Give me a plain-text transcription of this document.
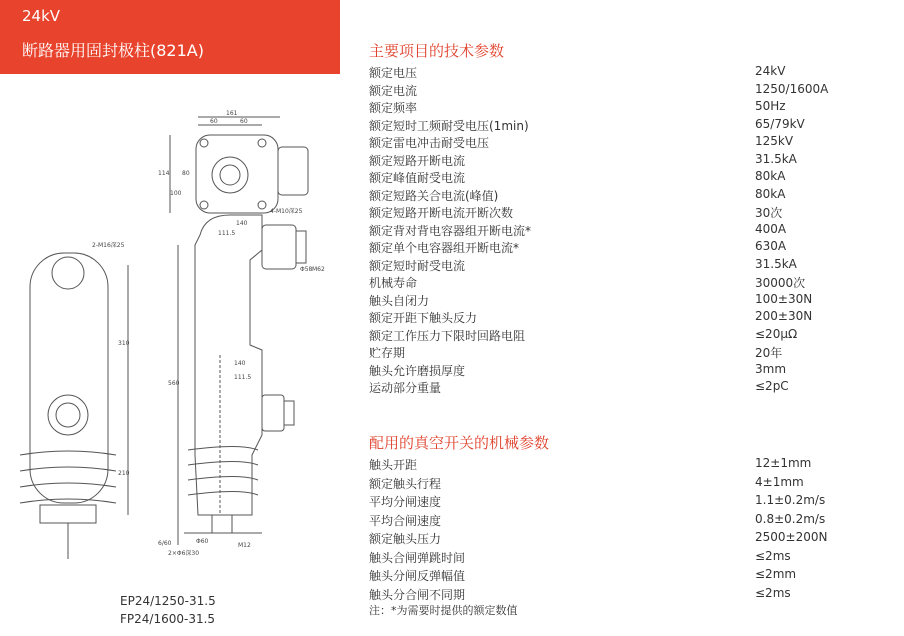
24kV
断路器用固封极柱(821A)
161
60	60
114
100
80
4-M10深25
2-M16深25
111.5
140
Φ58 M62
560
310
210
Φ60
2×Φ6深30
M12
6/60
111.5
140
EP24/1250-31.5
FP24/1600-31.5
主要项目的技术参数
额定电压	24kV
额定电流	1250/1600A
额定频率	50Hz
额定短时工频耐受电压(1min)	65/79kV
额定雷电冲击耐受电压	125kV
额定短路开断电流	31.5kA
额定峰值耐受电流	80kA
额定短路关合电流(峰值)	80kA
额定短路开断电流开断次数	30次
额定背对背电容器组开断电流*	400A
额定单个电容器组开断电流*	630A
额定短时耐受电流	31.5kA
机械寿命	30000次
触头自闭力	100±30N
额定开距下触头反力	200±30N
额定工作压力下限时回路电阻	≤20μΩ
贮存期	20年
触头允许磨损厚度	3mm
运动部分重量	≤2pC
配用的真空开关的机械参数
触头开距	12±1mm
额定触头行程	4±1mm
平均分闸速度	1.1±0.2m/s
平均合闸速度	0.8±0.2m/s
额定触头压力	2500±200N
触头合闸弹跳时间	≤2ms
触头分闸反弹幅值	≤2mm
触头分合闸不同期	≤2ms
注：*为需要时提供的额定数值
